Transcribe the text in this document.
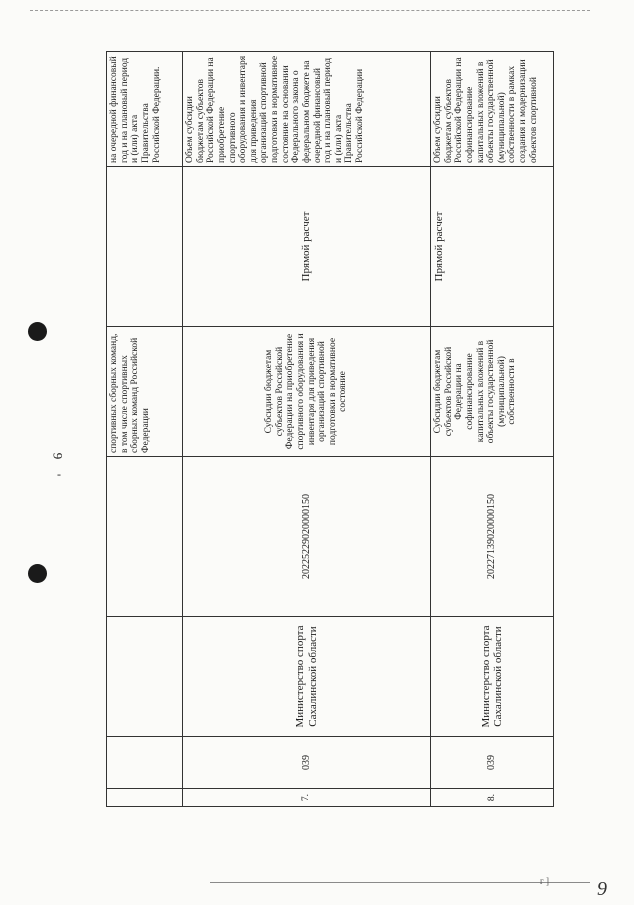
9
-
				спортивных сборных команд, в том числе спортивных сборных команд Российской Федерации		на очередной финансовый год и на плановый период и (или) акта Правительства Российской Федерации.
7.	039	Министерство спорта Сахалинской области	20225229020000150	Субсидии бюджетам субъектов Российской Федерации на приобретение спортивного оборудования и инвентаря для приведения организаций спортивной подготовки в нормативное состояние	Прямой расчет	Объем субсидии бюджетам субъектов Российской Федерации на приобретение спортивного оборудования и инвентаря для приведения организаций спортивной подготовки в нормативное состояние на основании Федерального закона о федеральном бюджете на очередной финансовый год и на плановый период и (или) акта Правительства Российской Федерации
8.	039	Министерство спорта Сахалинской области	20227139020000150	Субсидии бюджетам субъектов Российской Федерации на софинансирование капитальных вложений в объекты государственной (муниципальной) собственности в	Прямой расчет	Объем субсидии бюджетам субъектов Российской Федерации на софинансирование капитальных вложений в объекты государственной (муниципальной) собственности в рамках создания и модернизации объектов спортивной
г ] 9
